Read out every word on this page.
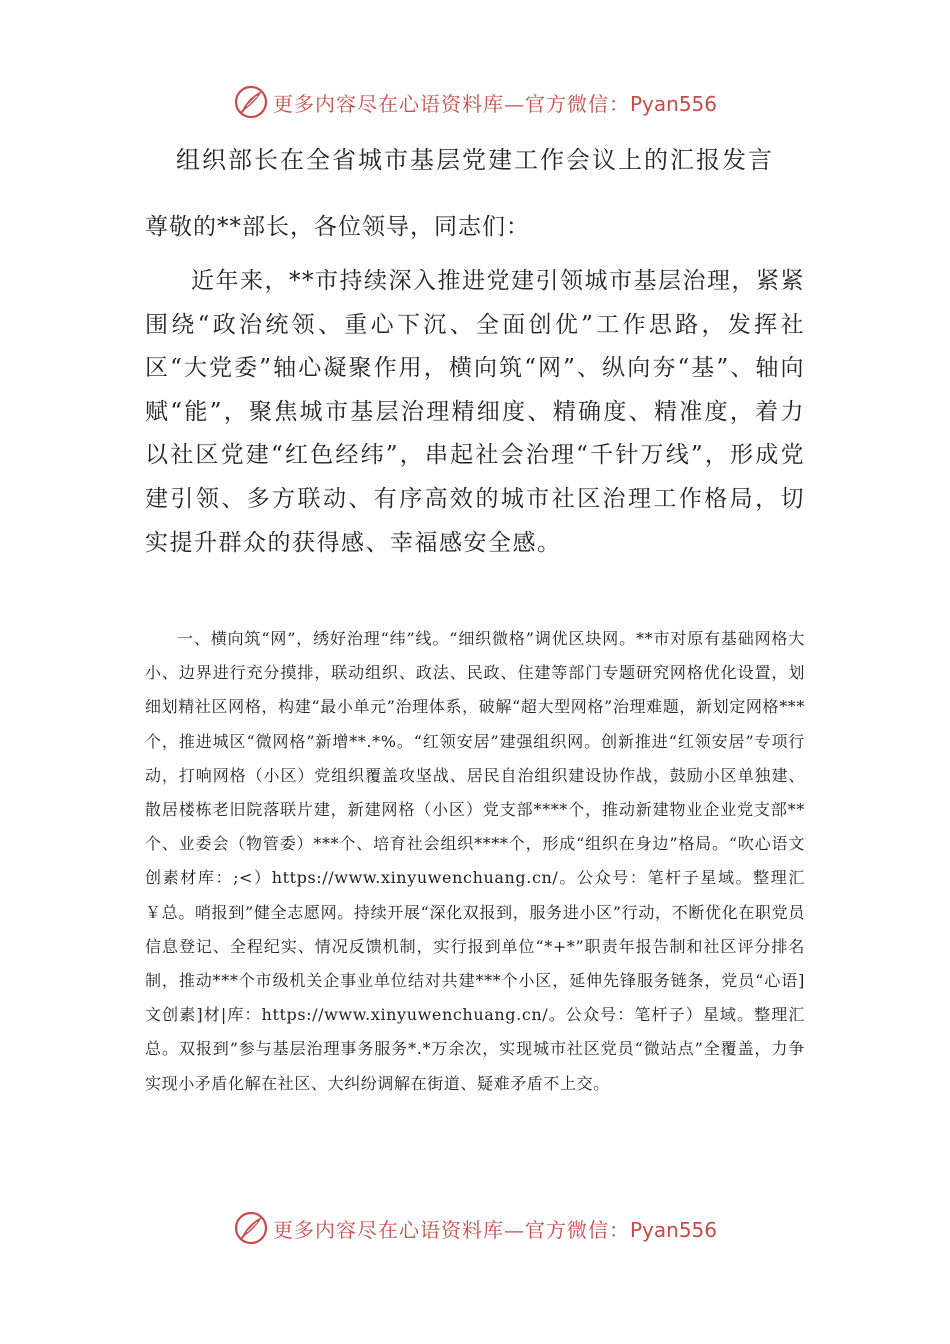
更多内容尽在心语资料库—官方微信：Pyan556
组织部长在全省城市基层党建工作会议上的汇报发言
尊敬的**部长，各位领导，同志们：

近年来，**市持续深入推进党建引领城市基层治理，紧紧围绕“政治统领、重心下沉、全面创优”工作思路，发挥社区“大党委”轴心凝聚作用，横向筑“网”、纵向夯“基”、轴向赋“能”，聚焦城市基层治理精细度、精确度、精准度，着力以社区党建“红色经纬”，串起社会治理“千针万线”，形成党建引领、多方联动、有序高效的城市社区治理工作格局，切实提升群众的获得感、幸福感安全感。

一、横向筑“网”，绣好治理“纬”线。“细织微格”调优区块网。**市对原有基础网格大小、边界进行充分摸排，联动组织、政法、民政、住建等部门专题研究网格优化设置，划细划精社区网格，构建“最小单元”治理体系，破解“超大型网格”治理难题，新划定网格***个，推进城区“微网格”新增**.*%。“红领安居”建强组织网。创新推进“红领安居”专项行动，打响网格（小区）党组织覆盖攻坚战、居民自治组织建设协作战，鼓励小区单独建、散居楼栋老旧院落联片建，新建网格（小区）党支部****个，推动新建物业企业党支部**个、业委会（物管委）***个、培育社会组织****个，形成“组织在身边”格局。“吹心语文创素材库：;<）https://www.xinyuwenchuang.cn/。公众号：笔杆子星域。整理汇￥总。哨报到”健全志愿网。持续开展“深化双报到，服务进小区”行动，不断优化在职党员信息登记、全程纪实、情况反馈机制，实行报到单位“*+*”职责年报告制和社区评分排名制，推动***个市级机关企事业单位结对共建***个小区，延伸先锋服务链条，党员“心语]文创素]材|库：https://www.xinyuwenchuang.cn/。公众号：笔杆子）星域。整理汇总。双报到”参与基层治理事务服务*.*万余次，实现城市社区党员“微站点”全覆盖，力争实现小矛盾化解在社区、大纠纷调解在街道、疑难矛盾不上交。

更多内容尽在心语资料库—官方微信：Pyan556
